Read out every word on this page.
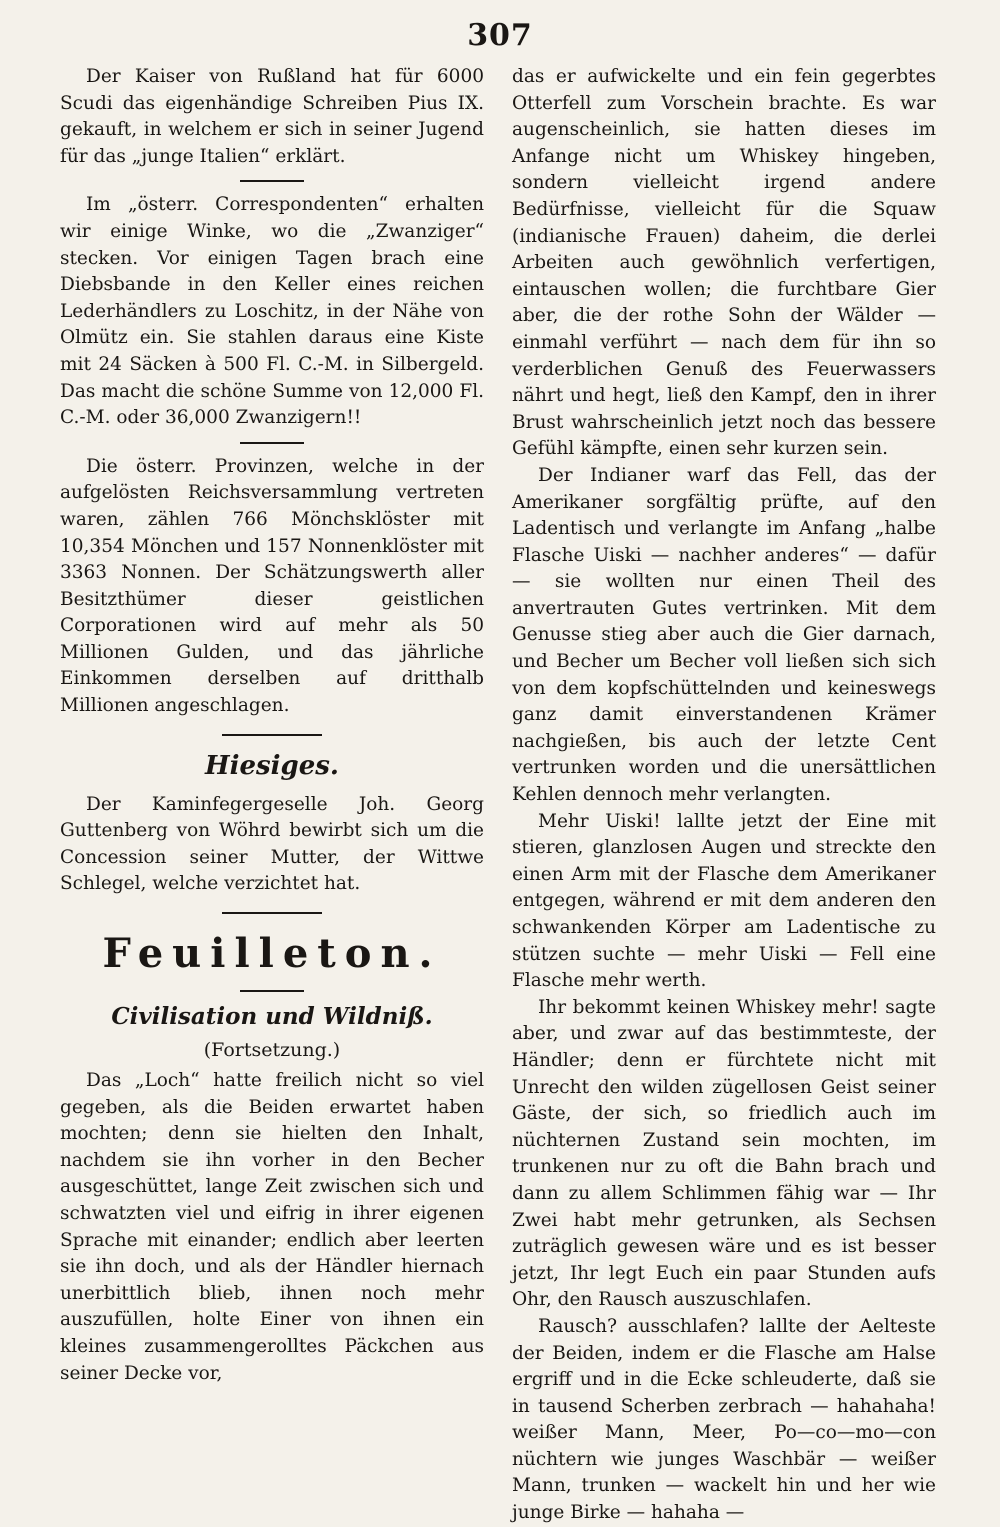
307

Der Kaiser von Rußland hat für 6000 Scudi das eigenhändige Schreiben Pius IX. gekauft, in welchem er sich in seiner Jugend für das „junge Italien“ erklärt.

Im „österr. Correspondenten“ erhalten wir einige Winke, wo die „Zwanziger“ stecken. Vor einigen Tagen brach eine Diebsbande in den Keller eines reichen Lederhändlers zu Loschitz, in der Nähe von Olmütz ein. Sie stahlen daraus eine Kiste mit 24 Säcken à 500 Fl. C.-M. in Silbergeld. Das macht die schöne Summe von 12,000 Fl. C.-M. oder 36,000 Zwanzigern!!

Die österr. Provinzen, welche in der aufgelösten Reichsversammlung vertreten waren, zählen 766 Mönchsklöster mit 10,354 Mönchen und 157 Nonnenklöster mit 3363 Nonnen. Der Schätzungswerth aller Besitzthümer dieser geistlichen Corporationen wird auf mehr als 50 Millionen Gulden, und das jährliche Einkommen derselben auf dritthalb Millionen angeschlagen.

Hiesiges.

Der Kaminfegergeselle Joh. Georg Guttenberg von Wöhrd bewirbt sich um die Concession seiner Mutter, der Wittwe Schlegel, welche verzichtet hat.

Feuilleton.
Civilisation und Wildniß.
(Fortsetzung.)

Das „Loch“ hatte freilich nicht so viel gegeben, als die Beiden erwartet haben mochten; denn sie hielten den Inhalt, nachdem sie ihn vorher in den Becher ausgeschüttet, lange Zeit zwischen sich und schwatzten viel und eifrig in ihrer eigenen Sprache mit einander; endlich aber leerten sie ihn doch, und als der Händler hiernach unerbittlich blieb, ihnen noch mehr auszufüllen, holte Einer von ihnen ein kleines zusammengerolltes Päckchen aus seiner Decke vor,

das er aufwickelte und ein fein gegerbtes Otterfell zum Vorschein brachte. Es war augenscheinlich, sie hatten dieses im Anfange nicht um Whiskey hingeben, sondern vielleicht irgend andere Bedürfnisse, vielleicht für die Squaw (indianische Frauen) daheim, die derlei Arbeiten auch gewöhnlich verfertigen, eintauschen wollen; die furchtbare Gier aber, die der rothe Sohn der Wälder — einmahl verführt — nach dem für ihn so verderblichen Genuß des Feuerwassers nährt und hegt, ließ den Kampf, den in ihrer Brust wahrscheinlich jetzt noch das bessere Gefühl kämpfte, einen sehr kurzen sein.

Der Indianer warf das Fell, das der Amerikaner sorgfältig prüfte, auf den Ladentisch und verlangte im Anfang „halbe Flasche Uiski — nachher anderes“ — dafür — sie wollten nur einen Theil des anvertrauten Gutes vertrinken. Mit dem Genusse stieg aber auch die Gier darnach, und Becher um Becher voll ließen sich sich von dem kopfschüttelnden und keineswegs ganz damit einverstandenen Krämer nachgießen, bis auch der letzte Cent vertrunken worden und die unersättlichen Kehlen dennoch mehr verlangten.

Mehr Uiski! lallte jetzt der Eine mit stieren, glanzlosen Augen und streckte den einen Arm mit der Flasche dem Amerikaner entgegen, während er mit dem anderen den schwankenden Körper am Ladentische zu stützen suchte — mehr Uiski — Fell eine Flasche mehr werth.

Ihr bekommt keinen Whiskey mehr! sagte aber, und zwar auf das bestimmteste, der Händler; denn er fürchtete nicht mit Unrecht den wilden zügellosen Geist seiner Gäste, der sich, so friedlich auch im nüchternen Zustand sein mochten, im trunkenen nur zu oft die Bahn brach und dann zu allem Schlimmen fähig war — Ihr Zwei habt mehr getrunken, als Sechsen zuträglich gewesen wäre und es ist besser jetzt, Ihr legt Euch ein paar Stunden aufs Ohr, den Rausch auszuschlafen.

Rausch? ausschlafen? lallte der Aelteste der Beiden, indem er die Flasche am Halse ergriff und in die Ecke schleuderte, daß sie in tausend Scherben zerbrach — hahahaha! weißer Mann, Meer, Po—co—mo—con nüchtern wie junges Waschbär — weißer Mann, trunken — wackelt hin und her wie junge Birke — hahaha —
